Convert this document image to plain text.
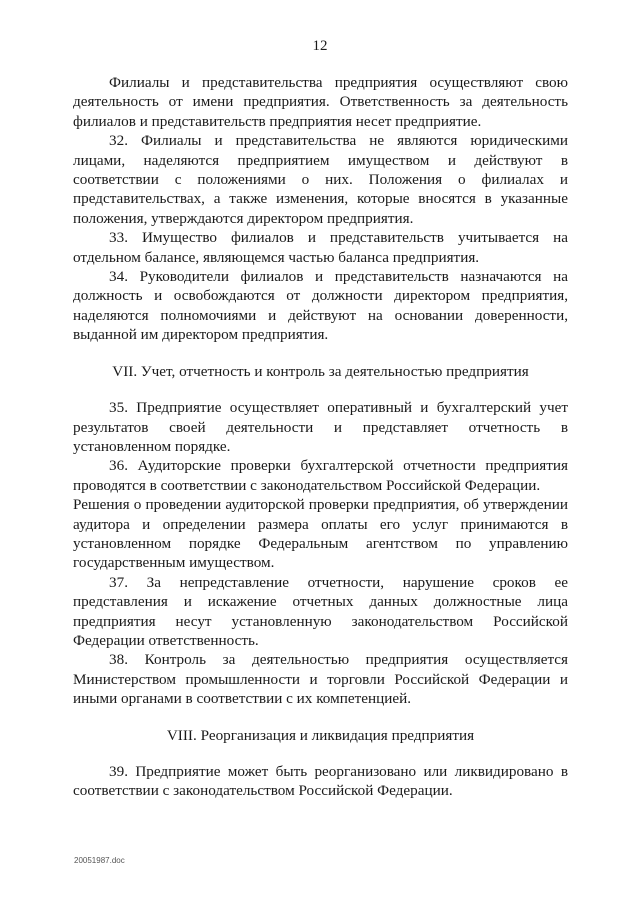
12

Филиалы и представительства предприятия осуществляют свою деятельность от имени предприятия. Ответственность за деятельность филиалов и представительств предприятия несет предприятие.

32. Филиалы и представительства не являются юридическими лицами, наделяются предприятием имуществом и действуют в соответствии с положениями о них. Положения о филиалах и представительствах, а также изменения, которые вносятся в указанные положения, утверждаются директором предприятия.

33. Имущество филиалов и представительств учитывается на отдельном балансе, являющемся частью баланса предприятия.

34. Руководители филиалов и представительств назначаются на должность и освобождаются от должности директором предприятия, наделяются полномочиями и действуют на основании доверенности, выданной им директором предприятия.

VII. Учет, отчетность и контроль за деятельностью предприятия

35. Предприятие осуществляет оперативный и бухгалтерский учет результатов своей деятельности и представляет отчетность в установленном порядке.

36. Аудиторские проверки бухгалтерской отчетности предприятия проводятся в соответствии с законодательством Российской Федерации.

Решения о проведении аудиторской проверки предприятия, об утверждении аудитора и определении размера оплаты его услуг принимаются в установленном порядке Федеральным агентством по управлению государственным имуществом.

37. За непредставление отчетности, нарушение сроков ее представления и искажение отчетных данных должностные лица предприятия несут установленную законодательством Российской Федерации ответственность.

38. Контроль за деятельностью предприятия осуществляется Министерством промышленности и торговли Российской Федерации и иными органами в соответствии с их компетенцией.

VIII. Реорганизация и ликвидация предприятия

39. Предприятие может быть реорганизовано или ликвидировано в соответствии с законодательством Российской Федерации.

20051987.doc
